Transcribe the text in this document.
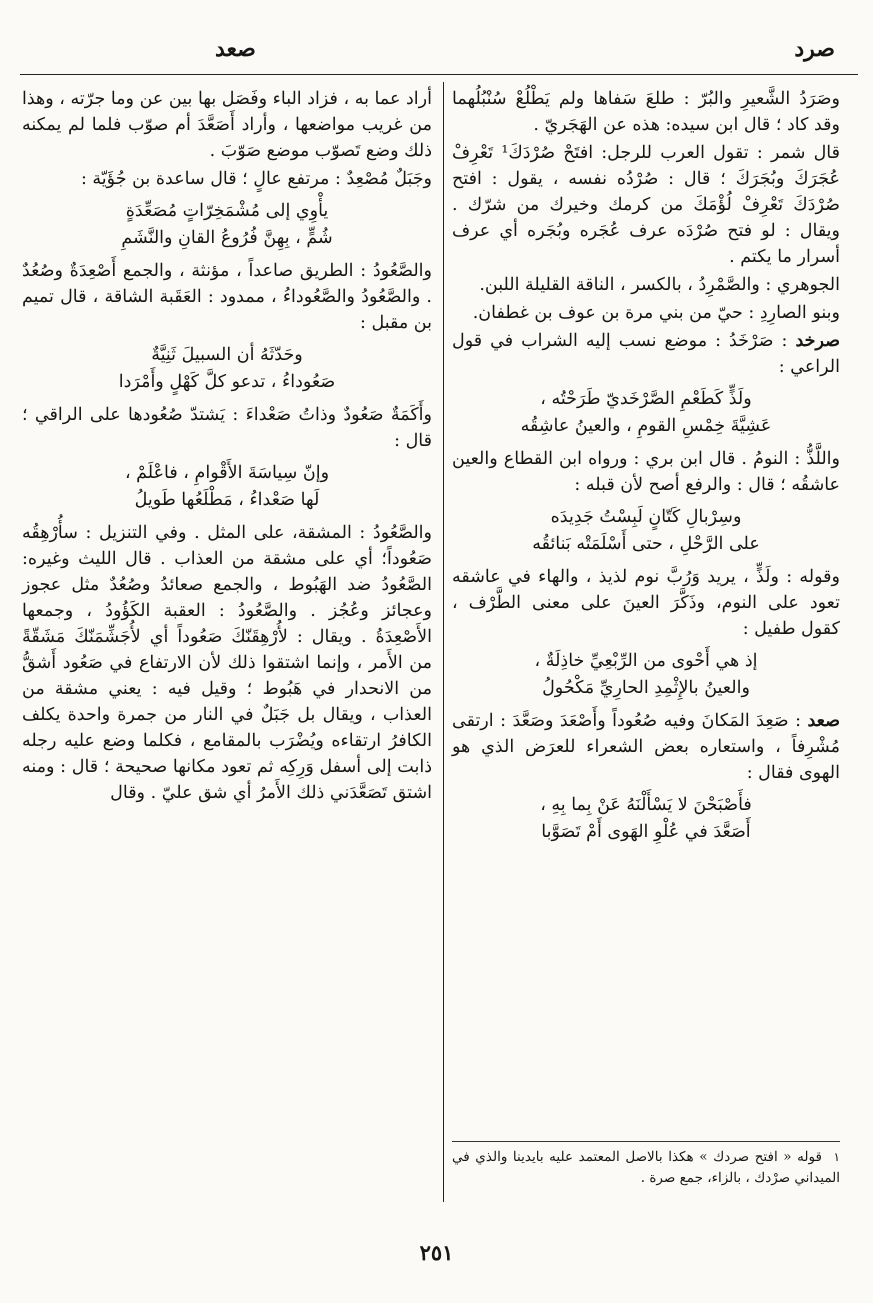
صرد
صعد

وصَرَدُ الشَّعيرِ والبُرّ : طلعَ سَفاها ولم يَطْلُعْ سُنْبُلُهما وقد كاد ؛ قال ابن سيده: هذه عن الهَجَريّ .

قال شمر : تقول العرب للرجل: افتَحْ صُرْدَكَ¹ تَعْرِفْ عُجَرَكَ وبُجَرَكَ ؛ قال : صُرْدُه نفسه ، يقول : افتح صُرْدَكَ تَعْرِفْ لُؤْمَكَ من كرمك وخيرك من شرّك . ويقال : لو فتح صُرْدَه عرف عُجَره وبُجَره أي عرف أسرار ما يكتم .

الجوهري : والصَّمْرِدُ ، بالكسر ، الناقة القليلة اللبن.

وبنو الصارِدِ : حيّ من بني مرة بن عوف بن غطفان.

صرخد : صَرْخَدُ : موضع نسب إليه الشراب في قول الراعي :

ولَذٍّ كَطَعْمِ الصَّرْخَديّ طَرَحْتُه ،
عَشِيَّةَ خِمْسِ القومِ ، والعينُ عاشِقُه

واللَّذُّ : النومُ . قال ابن بري : ورواه ابن القطاع والعين عاشقُه ؛ قال : والرفع أصح لأن قبله :

وسِرْبالِ كَتّانٍ لَبِسْتُ جَدِيدَه
على الرَّحْلِ ، حتى أَسْلَمَتْه بَنائقُه

وقوله : ولَذٍّ ، يريد وَرُبَّ نوم لذيذ ، والهاء في عاشقه تعود على النوم، وذَكَّرَ العينَ على معنى الطَّرْف ، كقول طفيل :

إذ هي أَحْوى من الرِّبْعِيِّ خاذِلَةٌ ،
والعينُ بالإِثْمِدِ الحارِيِّ مَكْحُولُ

صعد : صَعِدَ المَكانَ وفيه صُعُوداً وأَصْعَدَ وصَعَّدَ : ارتقى مُشْرِفاً ، واستعاره بعض الشعراء للعرَض الذي هو الهوى فقال :

فأَصْبَحْنَ لا يَسْأَلْنَهُ عَنْ بِما بِهِ ،
أَصَعَّدَ في عُلْوِ الهَوى أَمْ تَصَوَّبا

أراد عما به ، فزاد الباء وفَصَل بها بين عن وما جرّته ، وهذا من غريب مواضعها ، وأراد أَصَعَّدَ أم صوّب فلما لم يمكنه ذلك وضع تَصوّب موضع صَوّبَ .

وجَبَلٌ مُصْعِدٌ : مرتفع عالٍ ؛ قال ساعدة بن جُؤَيّة :

يأْوِي إلى مُشْمَخِرّاتٍ مُصَعِّدَةٍ
شُمٍّ ، بِهِنَّ فُرُوعُ القانِ والنَّشَمِ

والصَّعُودُ : الطريق صاعداً ، مؤنثة ، والجمع أَصْعِدَةٌ وصُعُدٌ . والصَّعُودُ والصَّعُوداءُ ، ممدود : العَقَبة الشاقة ، قال تميم بن مقبل :

وحَدّثَهُ أن السبيلَ ثَنِيَّةٌ
صَعُوداءُ ، تدعو كلَّ كَهْلٍ وأَمْرَدا

وأَكَمَةٌ صَعُودٌ وذاتُ صَعْداءَ : يَشتدّ صُعُودها على الراقي ؛ قال :

وإنّ سِياسَةَ الأَقْوامِ ، فاعْلَمْ ،
لَها صَعْداءُ ، مَطْلَعُها طَويلُ

والصَّعُودُ : المشقة، على المثل . وفي التنزيل : سأُرْهِقُه صَعُوداً؛ أي على مشقة من العذاب . قال الليث وغيره: الصَّعُودُ ضد الهَبُوط ، والجمع صعائدُ وصُعُدٌ مثل عجوز وعجائز وعُجُز . والصَّعُودُ : العقبة الكَؤُودُ ، وجمعها الأَصْعِدَةُ . ويقال : لأُرْهِقَنّكَ صَعُوداً أي لأُجَشِّمَنّكَ مَشَقّةً من الأَمر ، وإنما اشتقوا ذلك لأن الارتفاع في صَعُود أَشقُّ من الانحدار في هَبُوط ؛ وقيل فيه : يعني مشقة من العذاب ، ويقال بل جَبَلٌ في النار من جمرة واحدة يكلف الكافرُ ارتقاءه ويُضْرَب بالمقامع ، فكلما وضع عليه رجله ذابت إلى أسفل وَرِكِه ثم تعود مكانها صحيحة ؛ قال : ومنه اشتق تَصَعَّدَني ذلك الأَمرُ أي شق عليّ . وقال

١ قوله « افتح صردك » هكذا بالاصل المعتمد عليه بايدينا والذي في الميداني صرْدك ، بالزاء، جمع صرة .
٢٥١
